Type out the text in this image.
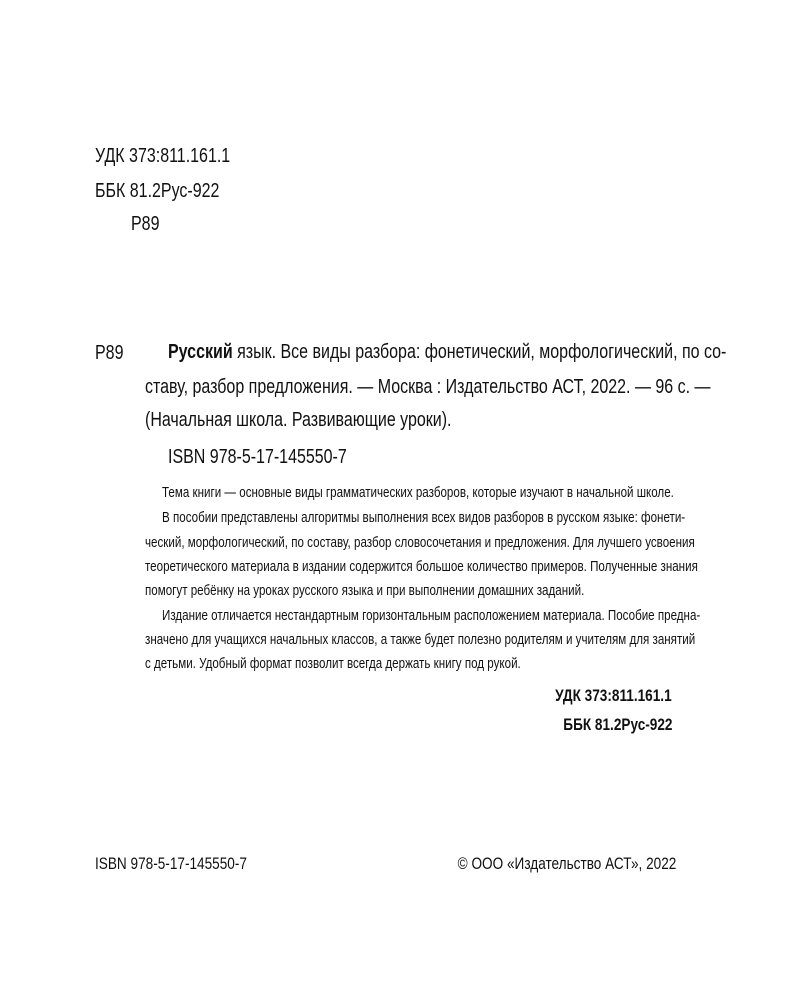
УДК 373:811.161.1
ББК 81.2Рус-922
Р89
Р89	Русский язык. Все виды разбора: фонетический, морфологический, по со-
ставу, разбор предложения. — Москва : Издательство АСТ, 2022. — 96 с. —
(Начальная школа. Развивающие уроки).
ISBN 978-5-17-145550-7
Тема книги — основные виды грамматических разборов, которые изучают в начальной школе.
В пособии представлены алгоритмы выполнения всех видов разборов в русском языке: фонети-
ческий, морфологический, по составу, разбор словосочетания и предложения. Для лучшего усвоения
теоретического материала в издании содержится большое количество примеров. Полученные знания
помогут ребёнку на уроках русского языка и при выполнении домашних заданий.
Издание отличается нестандартным горизонтальным расположением материала. Пособие предна-
значено для учащихся начальных классов, а также будет полезно родителям и учителям для занятий
с детьми. Удобный формат позволит всегда держать книгу под рукой.
УДК 373:811.161.1
ББК 81.2Рус-922
ISBN 978-5-17-145550-7	© ООО «Издательство АСТ», 2022
